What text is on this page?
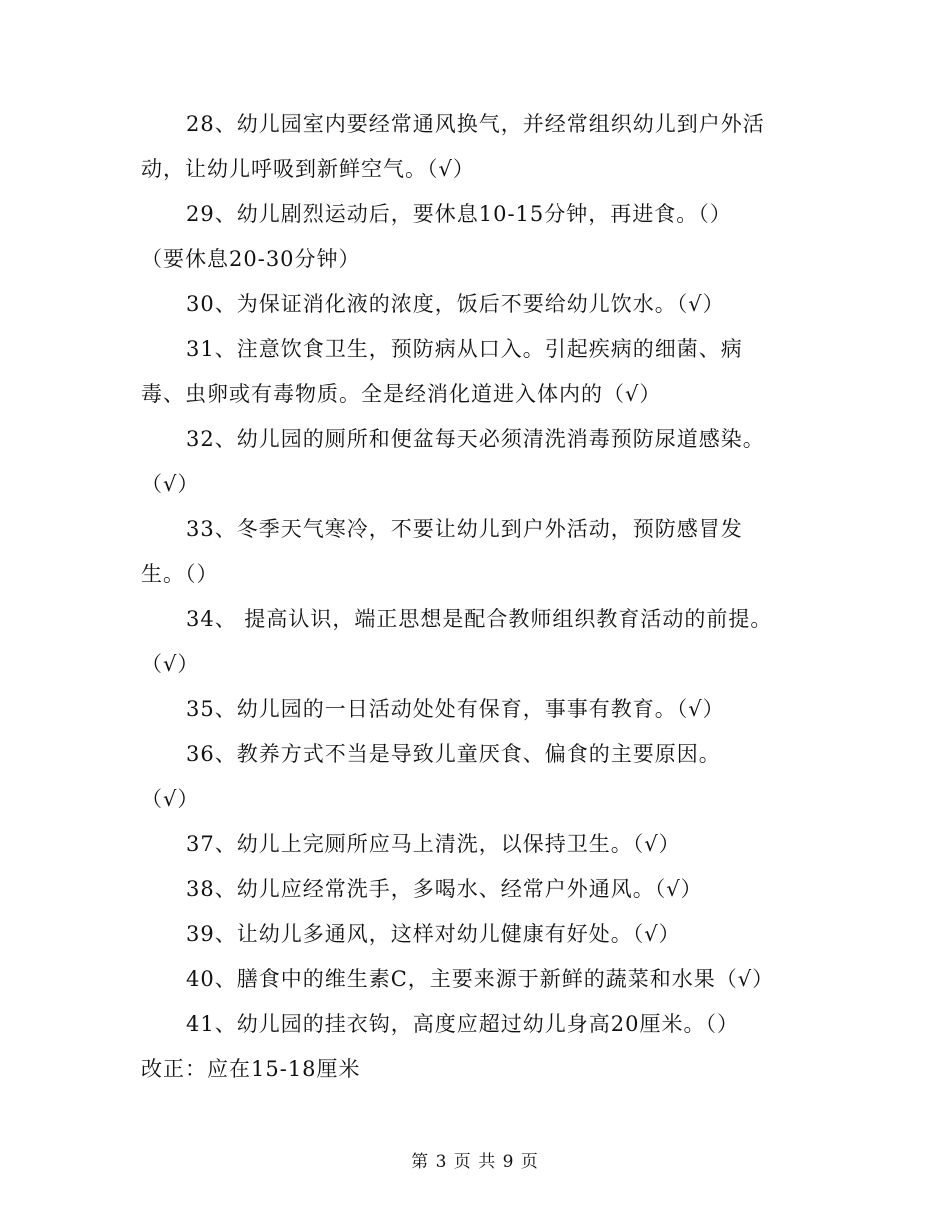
28、幼儿园室内要经常通风换气，并经常组织幼儿到户外活
动，让幼儿呼吸到新鲜空气。（√）
29、幼儿剧烈运动后，要休息10-15分钟，再进食。（）
（要休息20-30分钟）
30、为保证消化液的浓度，饭后不要给幼儿饮水。（√）
31、注意饮食卫生，预防病从口入。引起疾病的细菌、病
毒、虫卵或有毒物质。全是经消化道进入体内的（√）
32、幼儿园的厕所和便盆每天必须清洗消毒预防尿道感染。
（√）
33、冬季天气寒冷，不要让幼儿到户外活动，预防感冒发
生。（）
34、 提高认识，端正思想是配合教师组织教育活动的前提。
（√）
35、幼儿园的一日活动处处有保育，事事有教育。（√）
36、教养方式不当是导致儿童厌食、偏食的主要原因。
（√）
37、幼儿上完厕所应马上清洗，以保持卫生。（√）
38、幼儿应经常洗手，多喝水、经常户外通风。（√）
39、让幼儿多通风，这样对幼儿健康有好处。（√）
40、膳食中的维生素C，主要来源于新鲜的蔬菜和水果（√）
41、幼儿园的挂衣钩，高度应超过幼儿身高20厘米。（）
改正：应在15-18厘米
第 3 页 共 9 页
